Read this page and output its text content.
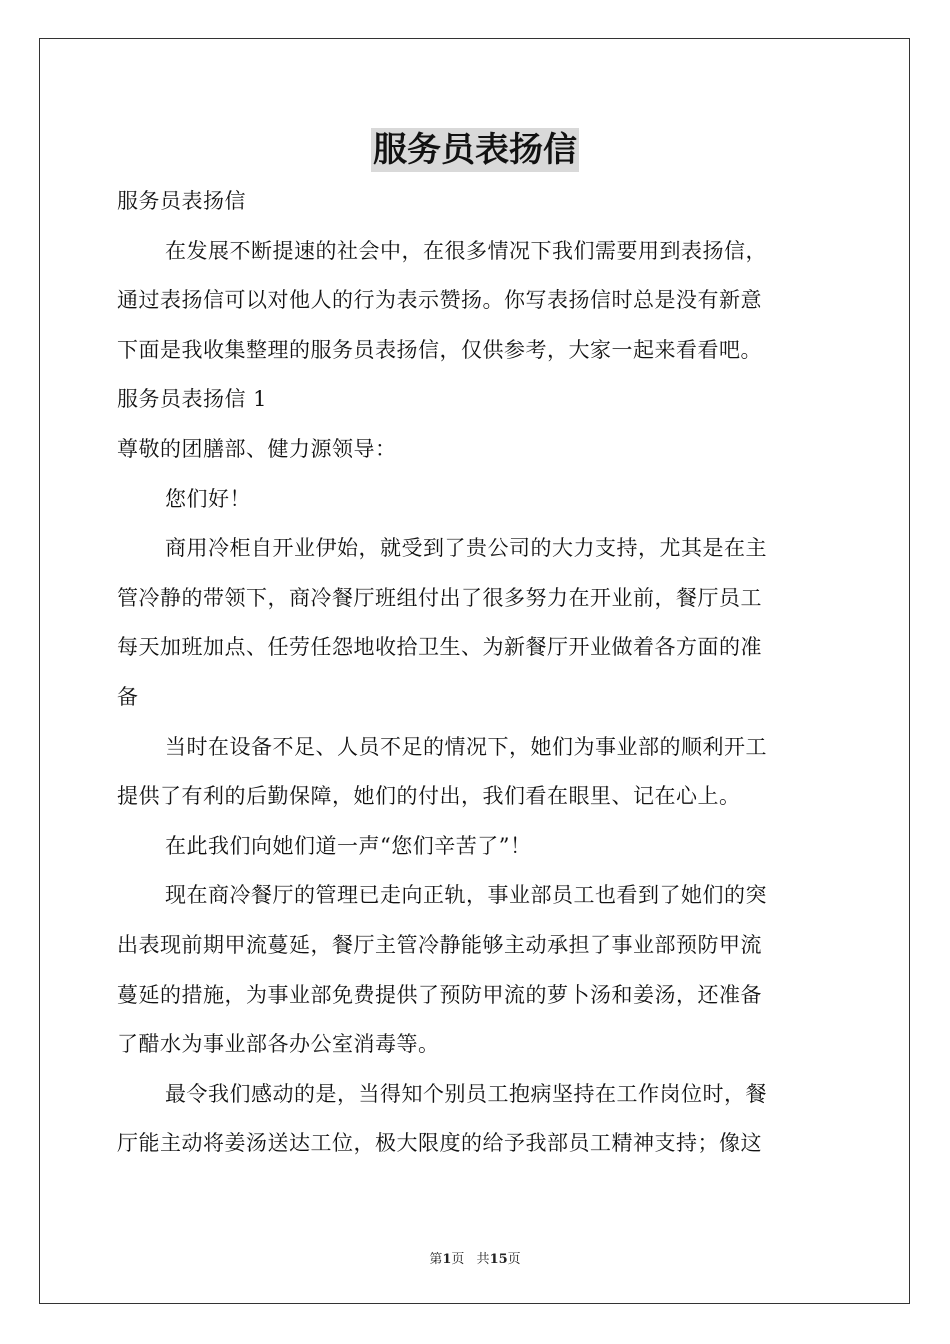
服务员表扬信
服务员表扬信
在发展不断提速的社会中，在很多情况下我们需要用到表扬信，
通过表扬信可以对他人的行为表示赞扬。你写表扬信时总是没有新意
下面是我收集整理的服务员表扬信，仅供参考，大家一起来看看吧。
服务员表扬信 1
尊敬的团膳部、健力源领导：
您们好！
商用冷柜自开业伊始，就受到了贵公司的大力支持，尤其是在主
管冷静的带领下，商冷餐厅班组付出了很多努力在开业前，餐厅员工
每天加班加点、任劳任怨地收拾卫生、为新餐厅开业做着各方面的准
备
当时在设备不足、人员不足的情况下，她们为事业部的顺利开工
提供了有利的后勤保障，她们的付出，我们看在眼里、记在心上。
在此我们向她们道一声“您们辛苦了”！
现在商冷餐厅的管理已走向正轨，事业部员工也看到了她们的突
出表现前期甲流蔓延，餐厅主管冷静能够主动承担了事业部预防甲流
蔓延的措施，为事业部免费提供了预防甲流的萝卜汤和姜汤，还准备
了醋水为事业部各办公室消毒等。
最令我们感动的是，当得知个别员工抱病坚持在工作岗位时，餐
厅能主动将姜汤送达工位，极大限度的给予我部员工精神支持；像这
第1页 共15页
